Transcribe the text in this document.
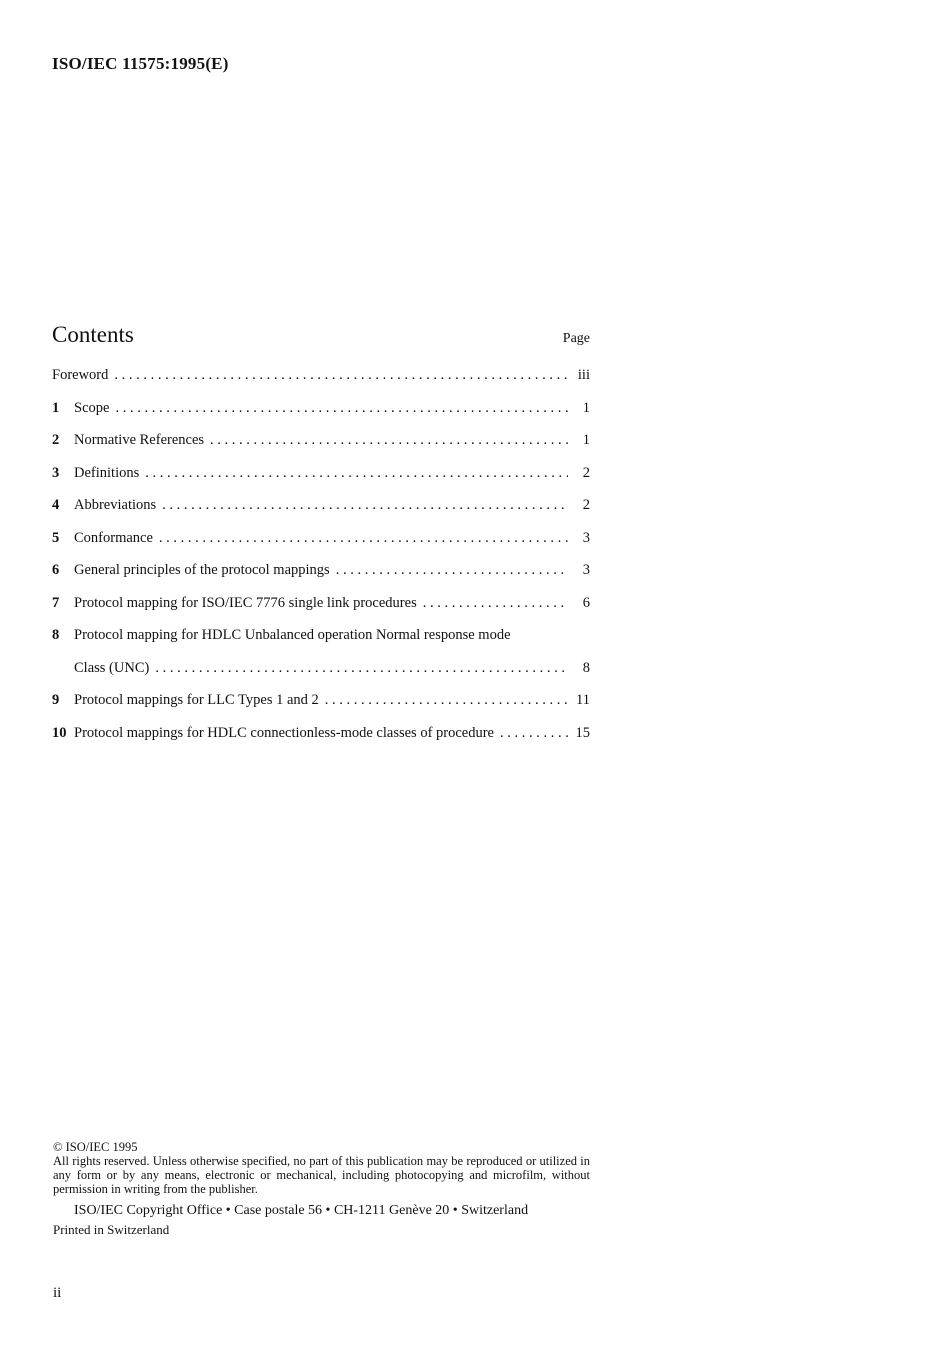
ISO/IEC 11575:1995(E)
Contents	Page
Foreword . . .	iii
1	Scope . . .	1
2	Normative References . . .	1
3	Definitions . . .	2
4	Abbreviations . . .	2
5	Conformance . . .	3
6	General principles of the protocol mappings . . .	3
7	Protocol mapping for ISO/IEC 7776 single link procedures . . .	6
8	Protocol mapping for HDLC Unbalanced operation Normal response mode
Class (UNC) . . .	8
9	Protocol mappings for LLC Types 1 and 2 . . .	11
10 Protocol mappings for HDLC connectionless-mode classes of procedure . . .	15
© ISO/IEC 1995
All rights reserved. Unless otherwise specified, no part of this publication may be reproduced or utilized in any form or by any means, electronic or mechanical, including photocopying and microfilm, without permission in writing from the publisher.
ISO/IEC Copyright Office • Case postale 56 • CH-1211 Genève 20 • Switzerland
Printed in Switzerland
ii
